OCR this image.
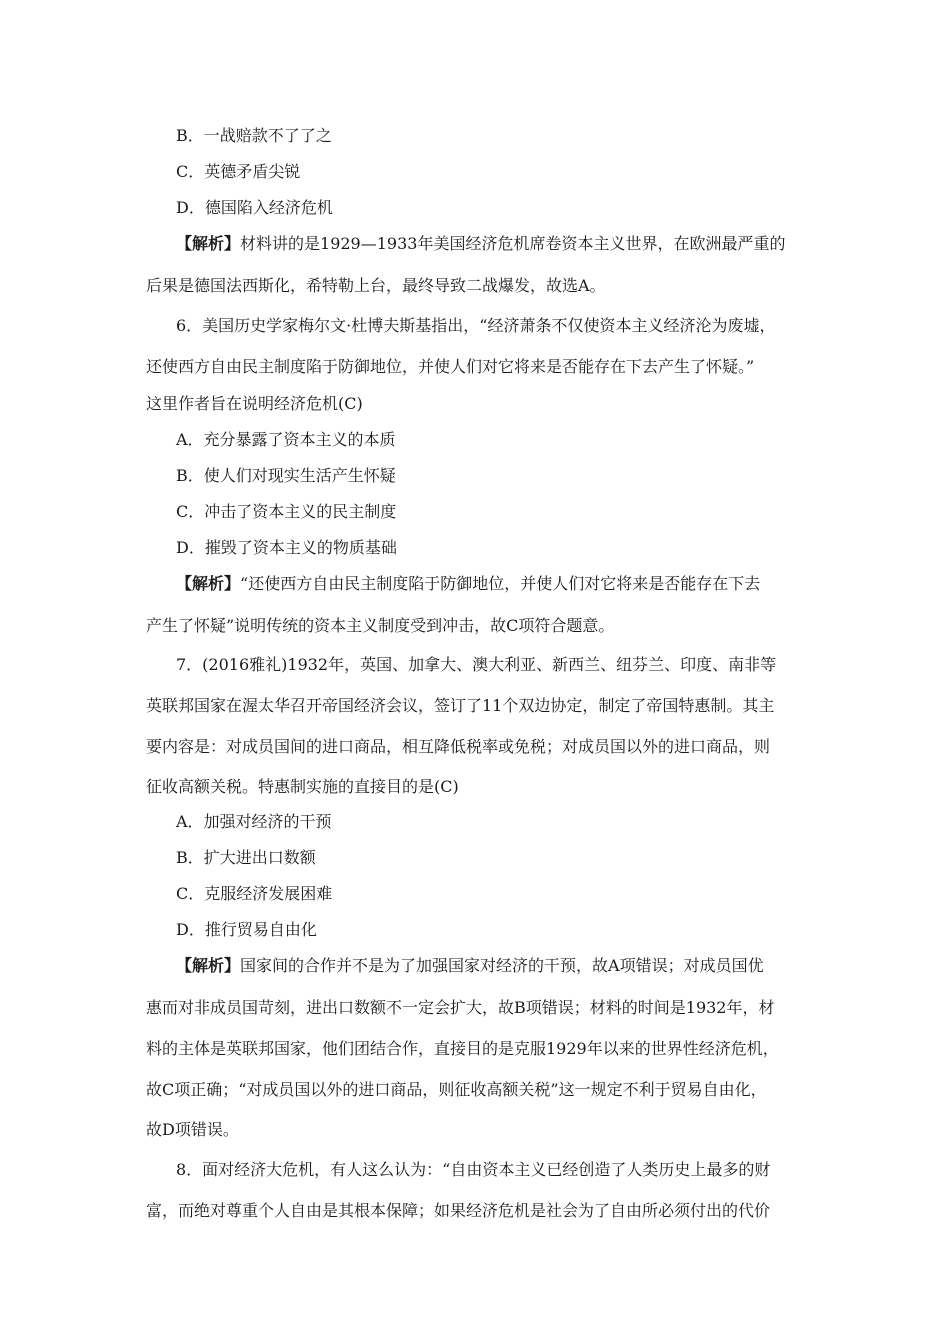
B．一战赔款不了了之
C．英德矛盾尖锐
D．德国陷入经济危机
【解析】材料讲的是1929—1933年美国经济危机席卷资本主义世界，在欧洲最严重的
后果是德国法西斯化，希特勒上台，最终导致二战爆发，故选A。
6．美国历史学家梅尔文·杜博夫斯基指出，“经济萧条不仅使资本主义经济沦为废墟，
还使西方自由民主制度陷于防御地位，并使人们对它将来是否能存在下去产生了怀疑。”
这里作者旨在说明经济危机(C)
A．充分暴露了资本主义的本质
B．使人们对现实生活产生怀疑
C．冲击了资本主义的民主制度
D．摧毁了资本主义的物质基础
【解析】“还使西方自由民主制度陷于防御地位，并使人们对它将来是否能存在下去
产生了怀疑”说明传统的资本主义制度受到冲击，故C项符合题意。
7．(2016雅礼)1932年，英国、加拿大、澳大利亚、新西兰、纽芬兰、印度、南非等
英联邦国家在渥太华召开帝国经济会议，签订了11个双边协定，制定了帝国特惠制。其主
要内容是：对成员国间的进口商品，相互降低税率或免税；对成员国以外的进口商品，则
征收高额关税。特惠制实施的直接目的是(C)
A．加强对经济的干预
B．扩大进出口数额
C．克服经济发展困难
D．推行贸易自由化
【解析】国家间的合作并不是为了加强国家对经济的干预，故A项错误；对成员国优
惠而对非成员国苛刻，进出口数额不一定会扩大，故B项错误；材料的时间是1932年，材
料的主体是英联邦国家，他们团结合作，直接目的是克服1929年以来的世界性经济危机，
故C项正确；“对成员国以外的进口商品，则征收高额关税”这一规定不利于贸易自由化，
故D项错误。
8．面对经济大危机，有人这么认为：“自由资本主义已经创造了人类历史上最多的财
富，而绝对尊重个人自由是其根本保障；如果经济危机是社会为了自由所必须付出的代价
